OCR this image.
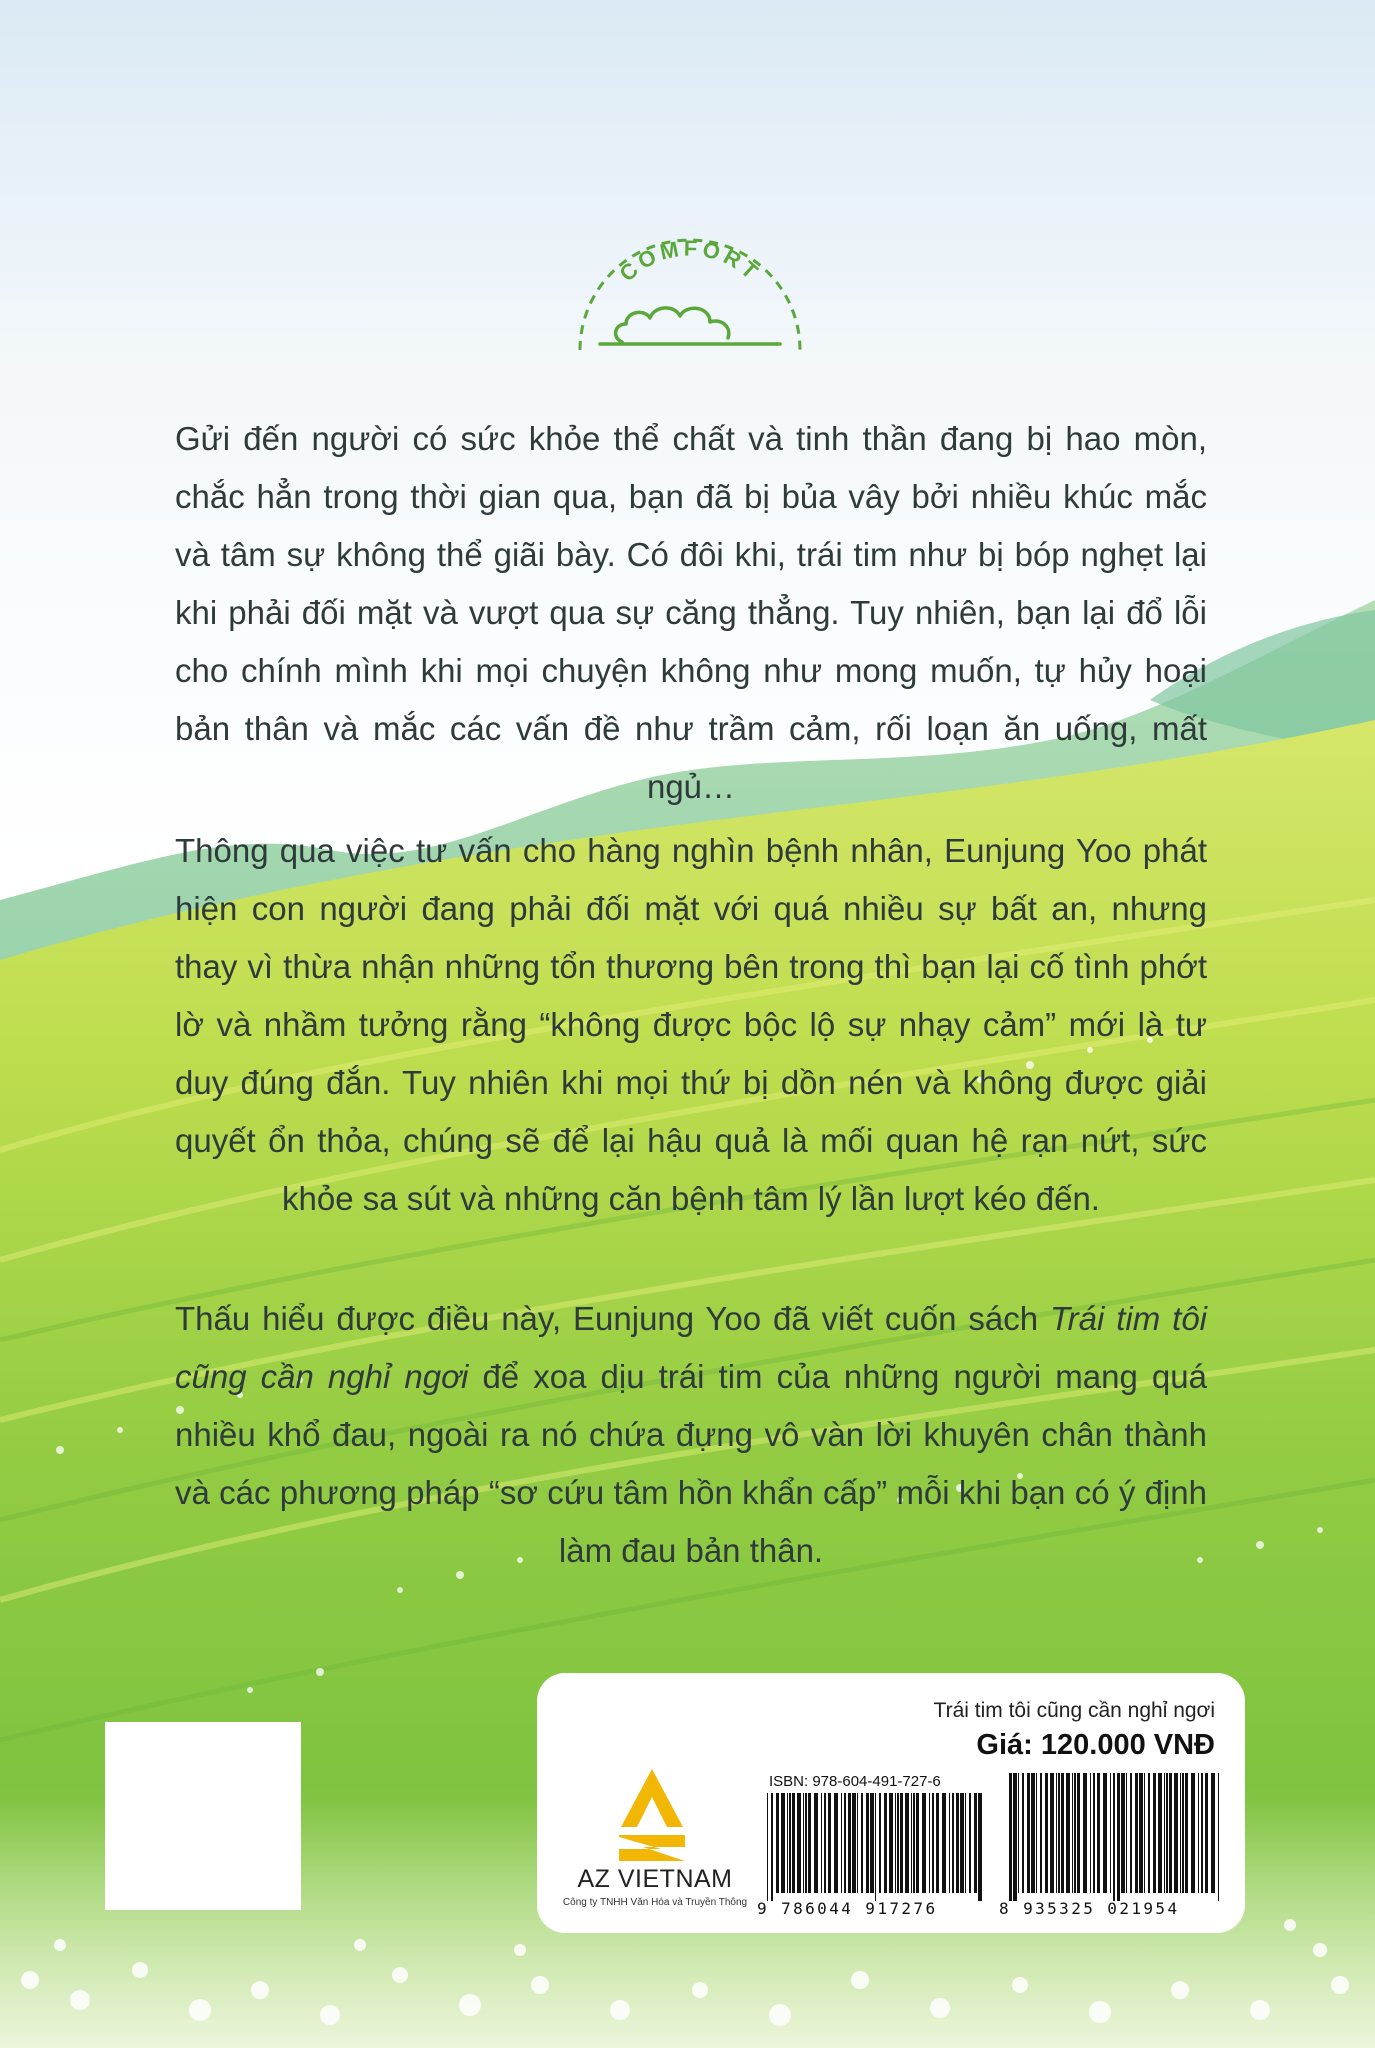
COMFORT

Gửi đến người có sức khỏe thể chất và tinh thần đang bị hao mòn, chắc hẳn trong thời gian qua, bạn đã bị bủa vây bởi nhiều khúc mắc và tâm sự không thể giãi bày. Có đôi khi, trái tim như bị bóp nghẹt lại khi phải đối mặt và vượt qua sự căng thẳng. Tuy nhiên, bạn lại đổ lỗi cho chính mình khi mọi chuyện không như mong muốn, tự hủy hoại bản thân và mắc các vấn đề như trầm cảm, rối loạn ăn uống, mất ngủ…

Thông qua việc tư vấn cho hàng nghìn bệnh nhân, Eunjung Yoo phát hiện con người đang phải đối mặt với quá nhiều sự bất an, nhưng thay vì thừa nhận những tổn thương bên trong thì bạn lại cố tình phớt lờ và nhầm tưởng rằng “không được bộc lộ sự nhạy cảm” mới là tư duy đúng đắn. Tuy nhiên khi mọi thứ bị dồn nén và không được giải quyết ổn thỏa, chúng sẽ để lại hậu quả là mối quan hệ rạn nứt, sức khỏe sa sút và những căn bệnh tâm lý lần lượt kéo đến.

Thấu hiểu được điều này, Eunjung Yoo đã viết cuốn sách Trái tim tôi cũng cần nghỉ ngơi để xoa dịu trái tim của những người mang quá nhiều khổ đau, ngoài ra nó chứa đựng vô vàn lời khuyên chân thành và các phương pháp “sơ cứu tâm hồn khẩn cấp” mỗi khi bạn có ý định làm đau bản thân.

Trái tim tôi cũng cần nghỉ ngơi
Giá: 120.000 VNĐ
AZ VIETNAM
Công ty TNHH Văn Hóa và Truyền Thông
ISBN: 978-604-491-727-6
9 786044 917276	8 935325 021954
